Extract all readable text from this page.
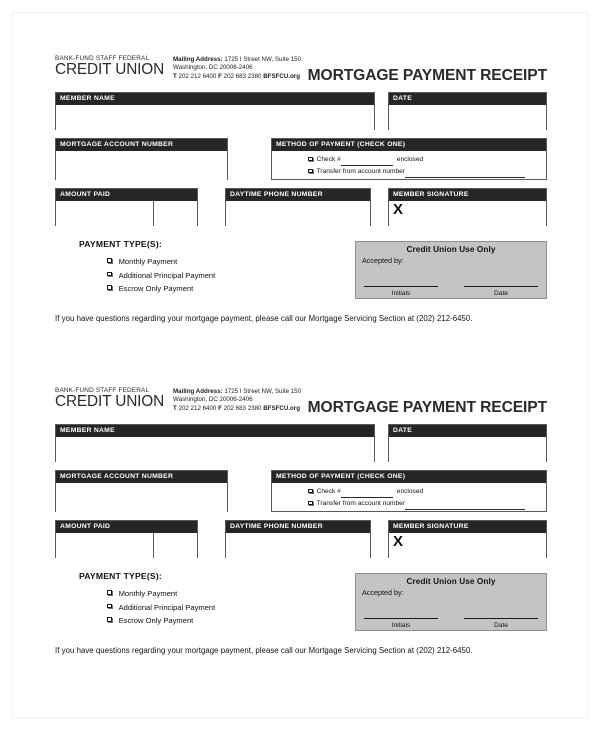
BANK-FUND STAFF FEDERAL
CREDIT UNION
Mailing Address: 1725 I Street NW, Suite 150
Washington, DC 20006-2406
T 202 212 6400 F 202 683 2380 BFSFCU.org MORTGAGE PAYMENT RECEIPT
MEMBER NAME	DATE
MORTGAGE ACCOUNT NUMBER	METHOD OF PAYMENT (CHECK ONE)
Check #
	enclosed
Transfer from account number

AMOUNT PAID	DAYTIME PHONE NUMBER	MEMBER SIGNATURE
X
PAYMENT TYPE(S):
Monthly Payment
Additional Principal Payment
Escrow Only Payment
Credit Union Use Only
Accepted by:
Initials	Date
If you have questions regarding your mortgage payment, please call our Mortgage Servicing Section at (202) 212-6450.
BANK-FUND STAFF FEDERAL
CREDIT UNION
Mailing Address: 1725 I Street NW, Suite 150
Washington, DC 20006-2406
T 202 212 6400 F 202 683 2380 BFSFCU.org MORTGAGE PAYMENT RECEIPT
MEMBER NAME	DATE
MORTGAGE ACCOUNT NUMBER	METHOD OF PAYMENT (CHECK ONE)
Check #
	enclosed
Transfer from account number

AMOUNT PAID	DAYTIME PHONE NUMBER	MEMBER SIGNATURE
X
PAYMENT TYPE(S):
Monthly Payment
Additional Principal Payment
Escrow Only Payment
Credit Union Use Only
Accepted by:
Initials	Date
If you have questions regarding your mortgage payment, please call our Mortgage Servicing Section at (202) 212-6450.
